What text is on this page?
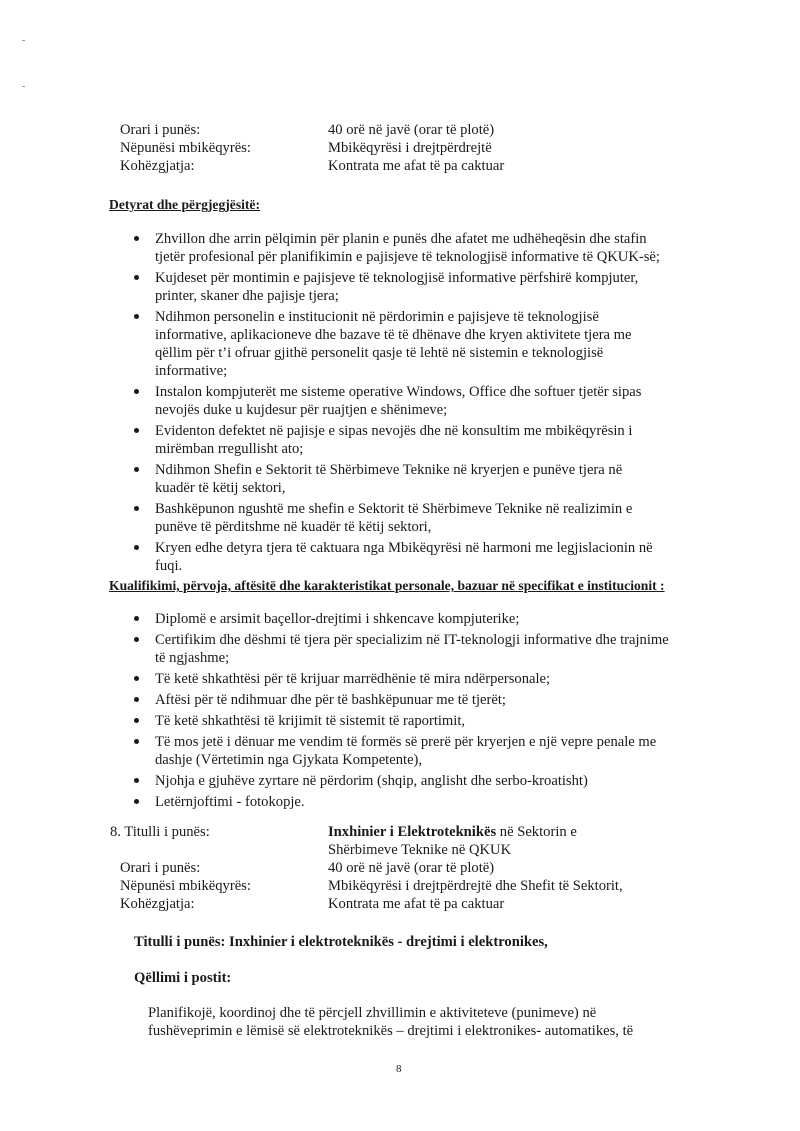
Orari i punës:	40 orë në javë (orar të plotë)
Nëpunësi mbikëqyrës:	Mbikëqyrësi i drejtpërdrejtë
Kohëzgjatja:	Kontrata me afat të pa caktuar
Detyrat dhe përgjegjësitë:
Zhvillon dhe arrin pëlqimin për planin e punës dhe afatet me udhëheqësin dhe stafin
tjetër profesional për planifikimin e pajisjeve të teknologjisë informative të QKUK-së;
Kujdeset për montimin e pajisjeve të teknologjisë informative përfshirë kompjuter,
printer, skaner dhe pajisje tjera;
Ndihmon personelin e institucionit në përdorimin e pajisjeve të teknologjisë
informative, aplikacioneve dhe bazave të të dhënave dhe kryen aktivitete tjera me
qëllim për t’i ofruar gjithë personelit qasje të lehtë në sistemin e teknologjisë
informative;
Instalon kompjuterët me sisteme operative Windows, Office dhe softuer tjetër sipas
nevojës duke u kujdesur për ruajtjen e shënimeve;
Evidenton defektet në pajisje e sipas nevojës dhe në konsultim me mbikëqyrësin i
mirëmban rregullisht ato;
Ndihmon Shefin e Sektorit të Shërbimeve Teknike në kryerjen e punëve tjera në
kuadër të këtij sektori,
Bashkëpunon ngushtë me shefin e Sektorit të Shërbimeve Teknike në realizimin e
punëve të përditshme në kuadër të këtij sektori,
Kryen edhe detyra tjera të caktuara nga Mbikëqyrësi në harmoni me legjislacionin në
fuqi.
Kualifikimi, përvoja, aftësitë dhe karakteristikat personale, bazuar në specifikat e institucionit :
Diplomë e arsimit baçellor-drejtimi i shkencave kompjuterike;
Certifikim dhe dëshmi të tjera për specializim në IT-teknologji informative dhe trajnime
të ngjashme;
Të ketë shkathtësi për të krijuar marrëdhënie të mira ndërpersonale;
Aftësi për të ndihmuar dhe për të bashkëpunuar me të tjerët;
Të ketë shkathtësi të krijimit të sistemit të raportimit,
Të mos jetë i dënuar me vendim të formës së prerë për kryerjen e një vepre penale me
dashje (Vërtetimin nga Gjykata Kompetente),
Njohja e gjuhëve zyrtare në përdorim (shqip, anglisht dhe serbo-kroatisht)
Letërnjoftimi - fotokopje.
8. Titulli i punës:	Inxhinier i Elektroteknikës në Sektorin e
Shërbimeve Teknike në QKUK
Orari i punës:	40 orë në javë (orar të plotë)
Nëpunësi mbikëqyrës:	Mbikëqyrësi i drejtpërdrejtë dhe Shefit të Sektorit,
Kohëzgjatja:	Kontrata me afat të pa caktuar
Titulli i punës: Inxhinier i elektroteknikës - drejtimi i elektronikes,
Qëllimi i postit:
Planifikojë, koordinoj dhe të përcjell zhvillimin e aktiviteteve (punimeve) në
fushëveprimin e lëmisë së elektroteknikës – drejtimi i elektronikes- automatikes, të
8
